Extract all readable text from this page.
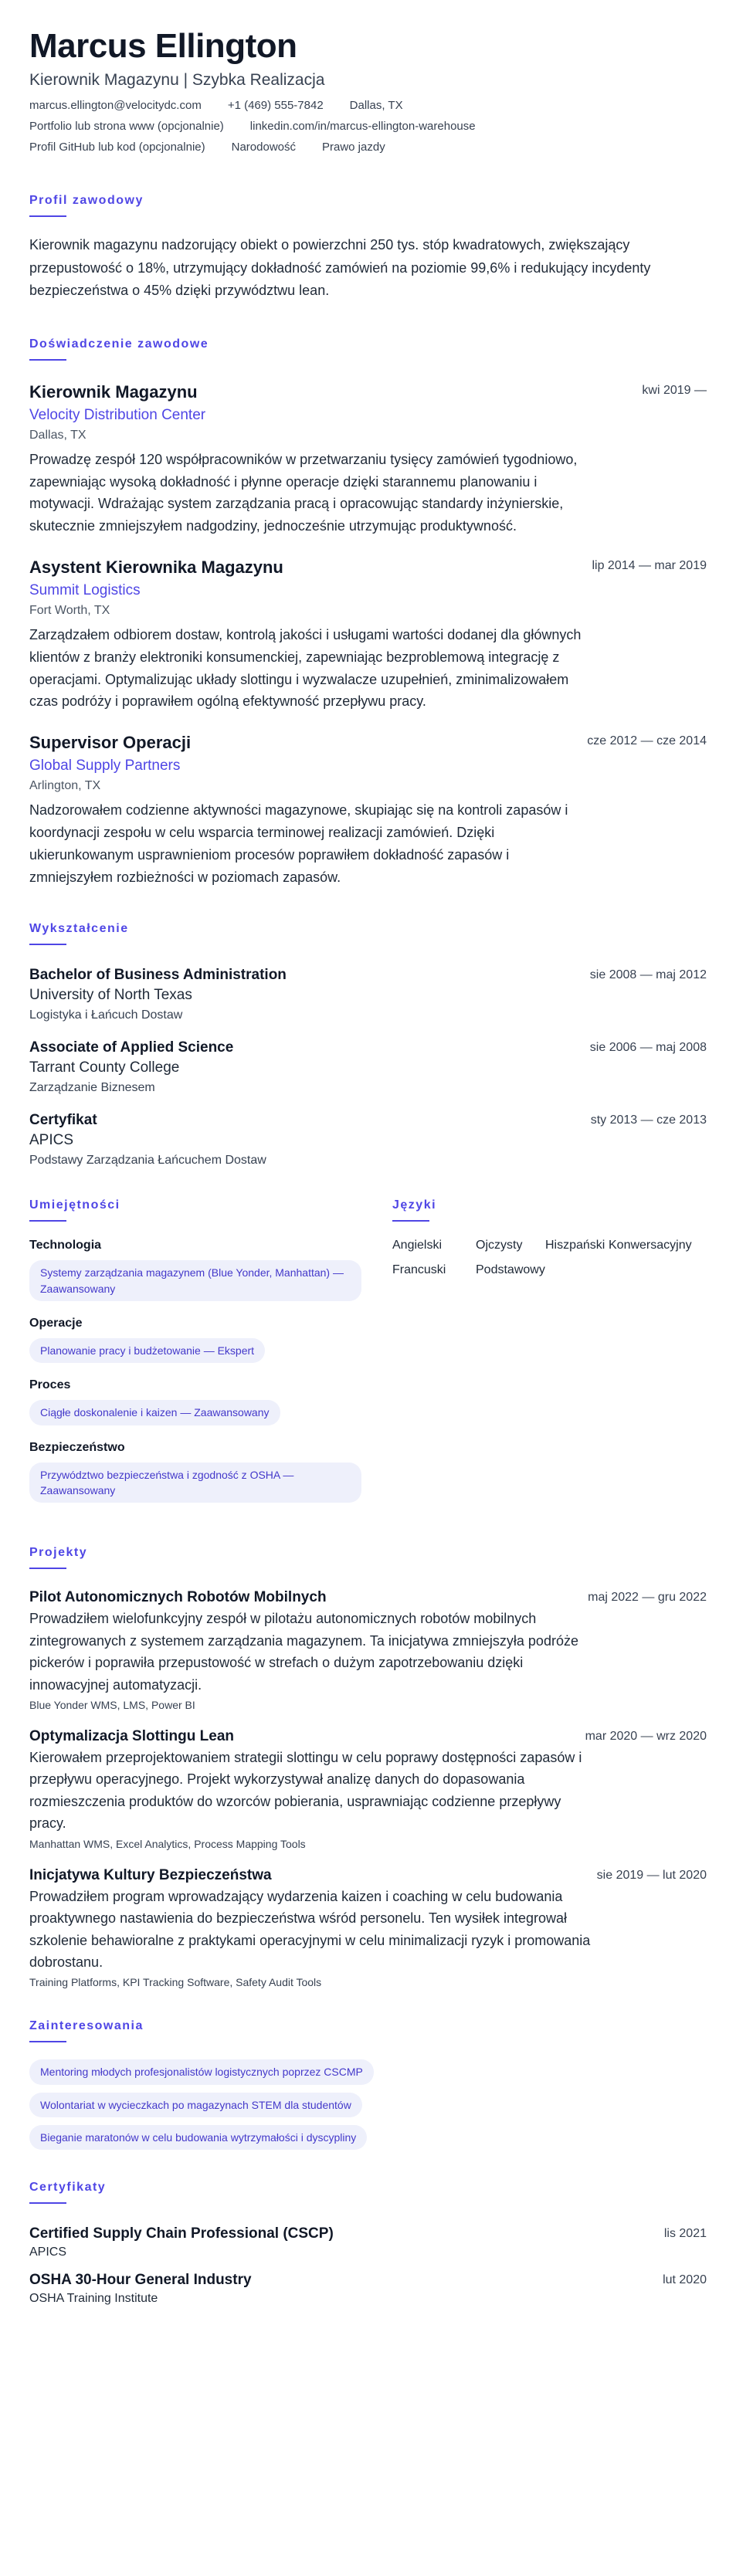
Marcus Ellington
Kierownik Magazynu | Szybka Realizacja
marcus.ellington@velocitydc.com +1 (469) 555-7842 Dallas, TX
Portfolio lub strona www (opcjonalnie) linkedin.com/in/marcus-ellington-warehouse
Profil GitHub lub kod (opcjonalnie) Narodowość Prawo jazdy
Profil zawodowy

Kierownik magazynu nadzorujący obiekt o powierzchni 250 tys. stóp kwadratowych, zwiększający przepustowość o 18%, utrzymujący dokładność zamówień na poziomie 99,6% i redukujący incydenty bezpieczeństwa o 45% dzięki przywództwu lean.

Doświadczenie zawodowe
Kierownik Magazynu	kwi 2019 —
Velocity Distribution Center
Dallas, TX

Prowadzę zespół 120 współpracowników w przetwarzaniu tysięcy zamówień tygodniowo, zapewniając wysoką dokładność i płynne operacje dzięki starannemu planowaniu i motywacji. Wdrażając system zarządzania pracą i opracowując standardy inżynierskie, skutecznie zmniejszyłem nadgodziny, jednocześnie utrzymując produktywność.

Asystent Kierownika Magazynu	lip 2014 — mar 2019
Summit Logistics
Fort Worth, TX

Zarządzałem odbiorem dostaw, kontrolą jakości i usługami wartości dodanej dla głównych klientów z branży elektroniki konsumenckiej, zapewniając bezproblemową integrację z operacjami. Optymalizując układy slottingu i wyzwalacze uzupełnień, zminimalizowałem czas podróży i poprawiłem ogólną efektywność przepływu pracy.

Supervisor Operacji	cze 2012 — cze 2014
Global Supply Partners
Arlington, TX

Nadzorowałem codzienne aktywności magazynowe, skupiając się na kontroli zapasów i koordynacji zespołu w celu wsparcia terminowej realizacji zamówień. Dzięki ukierunkowanym usprawnieniom procesów poprawiłem dokładność zapasów i zmniejszyłem rozbieżności w poziomach zapasów.

Wykształcenie
Bachelor of Business Administration	sie 2008 — maj 2012
University of North Texas
Logistyka i Łańcuch Dostaw
Associate of Applied Science	sie 2006 — maj 2008
Tarrant County College
Zarządzanie Biznesem
Certyfikat	sty 2013 — cze 2013
APICS
Podstawy Zarządzania Łańcuchem Dostaw
Umiejętności
Technologia
Systemy zarządzania magazynem (Blue Yonder, Manhattan) — Zaawansowany
Operacje
Planowanie pracy i budżetowanie — Ekspert
Proces
Ciągłe doskonalenie i kaizen — Zaawansowany
Bezpieczeństwo
Przywództwo bezpieczeństwa i zgodność z OSHA — Zaawansowany
Języki
Angielski	Ojczysty	Hiszpański Konwersacyjny
Francuski	Podstawowy
Projekty
Pilot Autonomicznych Robotów Mobilnych	maj 2022 — gru 2022

Prowadziłem wielofunkcyjny zespół w pilotażu autonomicznych robotów mobilnych zintegrowanych z systemem zarządzania magazynem. Ta inicjatywa zmniejszyła podróże pickerów i poprawiła przepustowość w strefach o dużym zapotrzebowaniu dzięki innowacyjnej automatyzacji.

Blue Yonder WMS, LMS, Power BI
Optymalizacja Slottingu Lean	mar 2020 — wrz 2020

Kierowałem przeprojektowaniem strategii slottingu w celu poprawy dostępności zapasów i przepływu operacyjnego. Projekt wykorzystywał analizę danych do dopasowania rozmieszczenia produktów do wzorców pobierania, usprawniając codzienne przepływy pracy.

Manhattan WMS, Excel Analytics, Process Mapping Tools
Inicjatywa Kultury Bezpieczeństwa	sie 2019 — lut 2020

Prowadziłem program wprowadzający wydarzenia kaizen i coaching w celu budowania proaktywnego nastawienia do bezpieczeństwa wśród personelu. Ten wysiłek integrował szkolenie behawioralne z praktykami operacyjnymi w celu minimalizacji ryzyk i promowania dobrostanu.

Training Platforms, KPI Tracking Software, Safety Audit Tools
Zainteresowania
Mentoring młodych profesjonalistów logistycznych poprzez CSCMP
Wolontariat w wycieczkach po magazynach STEM dla studentów
Bieganie maratonów w celu budowania wytrzymałości i dyscypliny
Certyfikaty
Certified Supply Chain Professional (CSCP)	lis 2021
APICS
OSHA 30-Hour General Industry	lut 2020
OSHA Training Institute
